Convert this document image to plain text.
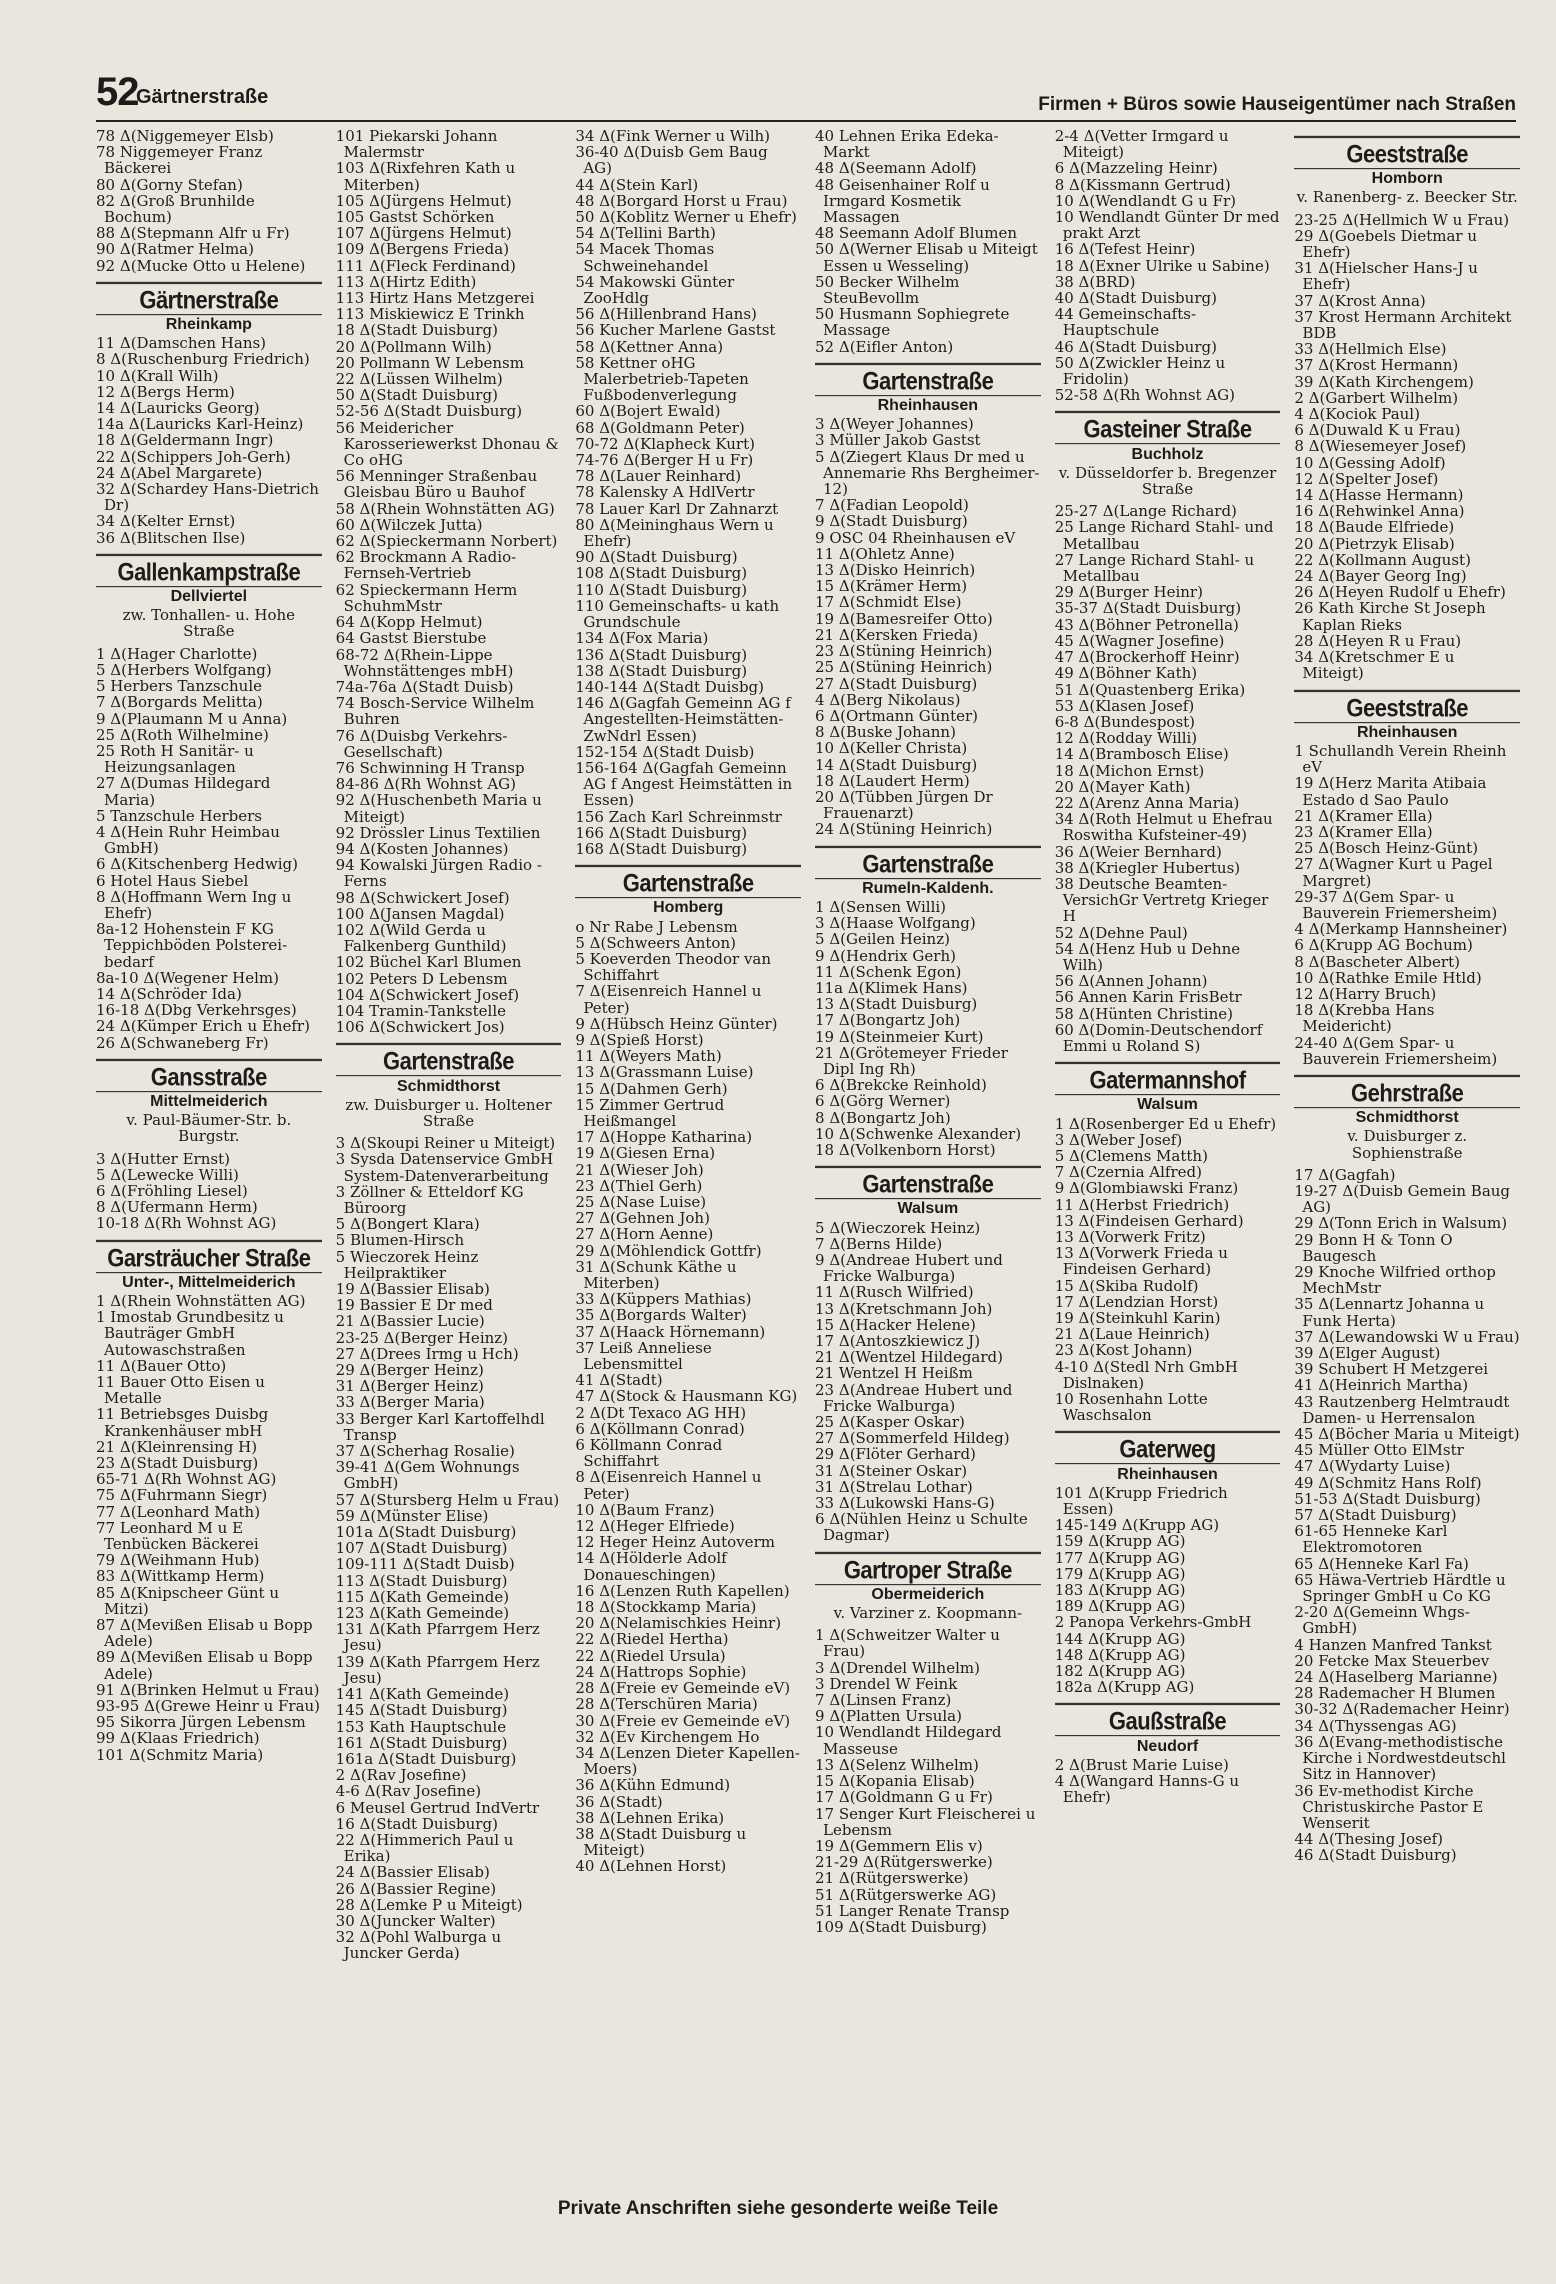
52
Gärtnerstraße	Firmen + Büros sowie Hauseigentümer nach Straßen
78 Δ(Niggemeyer Elsb)
78 Niggemeyer Franz Bäckerei
80 Δ(Gorny Stefan)
82 Δ(Groß Brunhilde Bochum)
88 Δ(Stepmann Alfr u Fr)
90 Δ(Ratmer Helma)
92 Δ(Mucke Otto u Helene)
Gärtnerstraße
Rheinkamp
11 Δ(Damschen Hans)
8 Δ(Ruschenburg Friedrich)
10 Δ(Krall Wilh)
12 Δ(Bergs Herm)
14 Δ(Lauricks Georg)
14a Δ(Lauricks Karl-Heinz)
18 Δ(Geldermann Ingr)
22 Δ(Schippers Joh-Gerh)
24 Δ(Abel Margarete)
32 Δ(Schardey Hans-Dietrich Dr)
34 Δ(Kelter Ernst)
36 Δ(Blitschen Ilse)
Gallenkampstraße
Dellviertel
zw. Tonhallen- u. Hohe Straße
1 Δ(Hager Charlotte)
5 Δ(Herbers Wolfgang)
5 Herbers Tanzschule
7 Δ(Borgards Melitta)
9 Δ(Plaumann M u Anna)
25 Δ(Roth Wilhelmine)
25 Roth H Sanitär- u Heizungsanlagen
27 Δ(Dumas Hildegard Maria)
5 Tanzschule Herbers
4 Δ(Hein Ruhr Heimbau GmbH)
6 Δ(Kitschenberg Hedwig)
6 Hotel Haus Siebel
8 Δ(Hoffmann Wern Ing u Ehefr)
8a-12 Hohenstein F KG Teppichböden Polsterei-bedarf
8a-10 Δ(Wegener Helm)
14 Δ(Schröder Ida)
16-18 Δ(Dbg Verkehrsges)
24 Δ(Kümper Erich u Ehefr)
26 Δ(Schwaneberg Fr)
Gansstraße
Mittelmeiderich
v. Paul-Bäumer-Str. b. Burgstr.
3 Δ(Hutter Ernst)
5 Δ(Lewecke Willi)
6 Δ(Fröhling Liesel)
8 Δ(Ufermann Herm)
10-18 Δ(Rh Wohnst AG)
Garsträucher Straße
Unter-, Mittelmeiderich
1 Δ(Rhein Wohnstätten AG)
1 Imostab Grundbesitz u Bauträger GmbH Autowaschstraßen
11 Δ(Bauer Otto)
11 Bauer Otto Eisen u Metalle
11 Betriebsges Duisbg Krankenhäuser mbH
21 Δ(Kleinrensing H)
23 Δ(Stadt Duisburg)
65-71 Δ(Rh Wohnst AG)
75 Δ(Fuhrmann Siegr)
77 Δ(Leonhard Math)
77 Leonhard M u E Tenbücken Bäckerei
79 Δ(Weihmann Hub)
83 Δ(Wittkamp Herm)
85 Δ(Knipscheer Günt u Mitzi)
87 Δ(Mevißen Elisab u Bopp Adele)
89 Δ(Mevißen Elisab u Bopp Adele)
91 Δ(Brinken Helmut u Frau)
93-95 Δ(Grewe Heinr u Frau)
95 Sikorra Jürgen Lebensm
99 Δ(Klaas Friedrich)
101 Δ(Schmitz Maria)
101 Piekarski Johann Malermstr
103 Δ(Rixfehren Kath u Miterben)
105 Δ(Jürgens Helmut)
105 Gastst Schörken
107 Δ(Jürgens Helmut)
109 Δ(Bergens Frieda)
111 Δ(Fleck Ferdinand)
113 Δ(Hirtz Edith)
113 Hirtz Hans Metzgerei
113 Miskiewicz E Trinkh
18 Δ(Stadt Duisburg)
20 Δ(Pollmann Wilh)
20 Pollmann W Lebensm
22 Δ(Lüssen Wilhelm)
50 Δ(Stadt Duisburg)
52-56 Δ(Stadt Duisburg)
56 Meidericher Karosseriewerkst Dhonau & Co oHG
56 Menninger Straßenbau Gleisbau Büro u Bauhof
58 Δ(Rhein Wohnstätten AG)
60 Δ(Wilczek Jutta)
62 Δ(Spieckermann Norbert)
62 Brockmann A Radio-Fernseh-Vertrieb
62 Spieckermann Herm SchuhmMstr
64 Δ(Kopp Helmut)
64 Gastst Bierstube
68-72 Δ(Rhein-Lippe Wohnstättenges mbH)
74a-76a Δ(Stadt Duisb)
74 Bosch-Service Wilhelm Buhren
76 Δ(Duisbg Verkehrs-Gesellschaft)
76 Schwinning H Transp
84-86 Δ(Rh Wohnst AG)
92 Δ(Huschenbeth Maria u Miteigt)
92 Drössler Linus Textilien
94 Δ(Kosten Johannes)
94 Kowalski Jürgen Radio - Ferns
98 Δ(Schwickert Josef)
100 Δ(Jansen Magdal)
102 Δ(Wild Gerda u Falkenberg Gunthild)
102 Büchel Karl Blumen
102 Peters D Lebensm
104 Δ(Schwickert Josef)
104 Tramin-Tankstelle
106 Δ(Schwickert Jos)
Gartenstraße
Schmidthorst
zw. Duisburger u. Holtener Straße
3 Δ(Skoupi Reiner u Miteigt)
3 Sysda Datenservice GmbH System-Datenverarbeitung
3 Zöllner & Etteldorf KG Büroorg
5 Δ(Bongert Klara)
5 Blumen-Hirsch
5 Wieczorek Heinz Heilpraktiker
19 Δ(Bassier Elisab)
19 Bassier E Dr med
21 Δ(Bassier Lucie)
23-25 Δ(Berger Heinz)
27 Δ(Drees Irmg u Hch)
29 Δ(Berger Heinz)
31 Δ(Berger Heinz)
33 Δ(Berger Maria)
33 Berger Karl Kartoffelhdl Transp
37 Δ(Scherhag Rosalie)
39-41 Δ(Gem Wohnungs GmbH)
57 Δ(Stursberg Helm u Frau)
59 Δ(Münster Elise)
101a Δ(Stadt Duisburg)
107 Δ(Stadt Duisburg)
109-111 Δ(Stadt Duisb)
113 Δ(Stadt Duisburg)
115 Δ(Kath Gemeinde)
123 Δ(Kath Gemeinde)
131 Δ(Kath Pfarrgem Herz Jesu)
139 Δ(Kath Pfarrgem Herz Jesu)
141 Δ(Kath Gemeinde)
145 Δ(Stadt Duisburg)
153 Kath Hauptschule
161 Δ(Stadt Duisburg)
161a Δ(Stadt Duisburg)
2 Δ(Rav Josefine)
4-6 Δ(Rav Josefine)
6 Meusel Gertrud IndVertr
16 Δ(Stadt Duisburg)
22 Δ(Himmerich Paul u Erika)
24 Δ(Bassier Elisab)
26 Δ(Bassier Regine)
28 Δ(Lemke P u Miteigt)
30 Δ(Juncker Walter)
32 Δ(Pohl Walburga u Juncker Gerda)
34 Δ(Fink Werner u Wilh)
36-40 Δ(Duisb Gem Baug AG)
44 Δ(Stein Karl)
48 Δ(Borgard Horst u Frau)
50 Δ(Koblitz Werner u Ehefr)
54 Δ(Tellini Barth)
54 Macek Thomas Schweinehandel
54 Makowski Günter ZooHdlg
56 Δ(Hillenbrand Hans)
56 Kucher Marlene Gastst
58 Δ(Kettner Anna)
58 Kettner oHG Malerbetrieb-Tapeten Fußbodenverlegung
60 Δ(Bojert Ewald)
68 Δ(Goldmann Peter)
70-72 Δ(Klapheck Kurt)
74-76 Δ(Berger H u Fr)
78 Δ(Lauer Reinhard)
78 Kalensky A HdlVertr
78 Lauer Karl Dr Zahnarzt
80 Δ(Meininghaus Wern u Ehefr)
90 Δ(Stadt Duisburg)
108 Δ(Stadt Duisburg)
110 Δ(Stadt Duisburg)
110 Gemeinschafts- u kath Grundschule
134 Δ(Fox Maria)
136 Δ(Stadt Duisburg)
138 Δ(Stadt Duisburg)
140-144 Δ(Stadt Duisbg)
146 Δ(Gagfah Gemeinn AG f Angestellten-Heimstätten-ZwNdrl Essen)
152-154 Δ(Stadt Duisb)
156-164 Δ(Gagfah Gemeinn AG f Angest Heimstätten in Essen)
156 Zach Karl Schreinmstr
166 Δ(Stadt Duisburg)
168 Δ(Stadt Duisburg)
Gartenstraße
Homberg
o Nr Rabe J Lebensm
5 Δ(Schweers Anton)
5 Koeverden Theodor van Schiffahrt
7 Δ(Eisenreich Hannel u Peter)
9 Δ(Hübsch Heinz Günter)
9 Δ(Spieß Horst)
11 Δ(Weyers Math)
13 Δ(Grassmann Luise)
15 Δ(Dahmen Gerh)
15 Zimmer Gertrud Heißmangel
17 Δ(Hoppe Katharina)
19 Δ(Giesen Erna)
21 Δ(Wieser Joh)
23 Δ(Thiel Gerh)
25 Δ(Nase Luise)
27 Δ(Gehnen Joh)
27 Δ(Horn Aenne)
29 Δ(Möhlendick Gottfr)
31 Δ(Schunk Käthe u Miterben)
33 Δ(Küppers Mathias)
35 Δ(Borgards Walter)
37 Δ(Haack Hörnemann)
37 Leiß Anneliese Lebensmittel
41 Δ(Stadt)
47 Δ(Stock & Hausmann KG)
2 Δ(Dt Texaco AG HH)
6 Δ(Köllmann Conrad)
6 Köllmann Conrad Schiffahrt
8 Δ(Eisenreich Hannel u Peter)
10 Δ(Baum Franz)
12 Δ(Heger Elfriede)
12 Heger Heinz Autoverm
14 Δ(Hölderle Adolf Donaueschingen)
16 Δ(Lenzen Ruth Kapellen)
18 Δ(Stockkamp Maria)
20 Δ(Nelamischkies Heinr)
22 Δ(Riedel Hertha)
22 Δ(Riedel Ursula)
24 Δ(Hattrops Sophie)
28 Δ(Freie ev Gemeinde eV)
28 Δ(Terschüren Maria)
30 Δ(Freie ev Gemeinde eV)
32 Δ(Ev Kirchengem Ho
34 Δ(Lenzen Dieter Kapellen-Moers)
36 Δ(Kühn Edmund)
36 Δ(Stadt)
38 Δ(Lehnen Erika)
38 Δ(Stadt Duisburg u Miteigt)
40 Δ(Lehnen Horst)
40 Lehnen Erika Edeka-Markt
48 Δ(Seemann Adolf)
48 Geisenhainer Rolf u Irmgard Kosmetik Massagen
48 Seemann Adolf Blumen
50 Δ(Werner Elisab u Miteigt Essen u Wesseling)
50 Becker Wilhelm SteuBevollm
50 Husmann Sophiegrete Massage
52 Δ(Eifler Anton)
Gartenstraße
Rheinhausen
3 Δ(Weyer Johannes)
3 Müller Jakob Gastst
5 Δ(Ziegert Klaus Dr med u Annemarie Rhs Bergheimer-12)
7 Δ(Fadian Leopold)
9 Δ(Stadt Duisburg)
9 OSC 04 Rheinhausen eV
11 Δ(Ohletz Anne)
13 Δ(Disko Heinrich)
15 Δ(Krämer Herm)
17 Δ(Schmidt Else)
19 Δ(Bamesreifer Otto)
21 Δ(Kersken Frieda)
23 Δ(Stüning Heinrich)
25 Δ(Stüning Heinrich)
27 Δ(Stadt Duisburg)
4 Δ(Berg Nikolaus)
6 Δ(Ortmann Günter)
8 Δ(Buske Johann)
10 Δ(Keller Christa)
14 Δ(Stadt Duisburg)
18 Δ(Laudert Herm)
20 Δ(Tübben Jürgen Dr Frauenarzt)
24 Δ(Stüning Heinrich)
Gartenstraße
Rumeln-Kaldenh.
1 Δ(Sensen Willi)
3 Δ(Haase Wolfgang)
5 Δ(Geilen Heinz)
9 Δ(Hendrix Gerh)
11 Δ(Schenk Egon)
11a Δ(Klimek Hans)
13 Δ(Stadt Duisburg)
17 Δ(Bongartz Joh)
19 Δ(Steinmeier Kurt)
21 Δ(Grötemeyer Frieder Dipl Ing Rh)
6 Δ(Brekcke Reinhold)
6 Δ(Görg Werner)
8 Δ(Bongartz Joh)
10 Δ(Schwenke Alexander)
18 Δ(Volkenborn Horst)
Gartenstraße
Walsum
5 Δ(Wieczorek Heinz)
7 Δ(Berns Hilde)
9 Δ(Andreae Hubert und Fricke Walburga)
11 Δ(Rusch Wilfried)
13 Δ(Kretschmann Joh)
15 Δ(Hacker Helene)
17 Δ(Antoszkiewicz J)
21 Δ(Wentzel Hildegard)
21 Wentzel H Heißm
23 Δ(Andreae Hubert und Fricke Walburga)
25 Δ(Kasper Oskar)
27 Δ(Sommerfeld Hildeg)
29 Δ(Flöter Gerhard)
31 Δ(Steiner Oskar)
31 Δ(Strelau Lothar)
33 Δ(Lukowski Hans-G)
6 Δ(Nühlen Heinz u Schulte Dagmar)
Gartroper Straße
Obermeiderich
v. Varziner z. Koopmann-
1 Δ(Schweitzer Walter u Frau)
3 Δ(Drendel Wilhelm)
3 Drendel W Feink
7 Δ(Linsen Franz)
9 Δ(Platten Ursula)
10 Wendlandt Hildegard Masseuse
13 Δ(Selenz Wilhelm)
15 Δ(Kopania Elisab)
17 Δ(Goldmann G u Fr)
17 Senger Kurt Fleischerei u Lebensm
19 Δ(Gemmern Elis v)
21-29 Δ(Rütgerswerke)
21 Δ(Rütgerswerke)
51 Δ(Rütgerswerke AG)
51 Langer Renate Transp
109 Δ(Stadt Duisburg)
2-4 Δ(Vetter Irmgard u Miteigt)
6 Δ(Mazzeling Heinr)
8 Δ(Kissmann Gertrud)
10 Δ(Wendlandt G u Fr)
10 Wendlandt Günter Dr med prakt Arzt
16 Δ(Tefest Heinr)
18 Δ(Exner Ulrike u Sabine)
38 Δ(BRD)
40 Δ(Stadt Duisburg)
44 Gemeinschafts-Hauptschule
46 Δ(Stadt Duisburg)
50 Δ(Zwickler Heinz u Fridolin)
52-58 Δ(Rh Wohnst AG)
Gasteiner Straße
Buchholz
v. Düsseldorfer b. Bregenzer Straße
25-27 Δ(Lange Richard)
25 Lange Richard Stahl- und Metallbau
27 Lange Richard Stahl- u Metallbau
29 Δ(Burger Heinr)
35-37 Δ(Stadt Duisburg)
43 Δ(Böhner Petronella)
45 Δ(Wagner Josefine)
47 Δ(Brockerhoff Heinr)
49 Δ(Böhner Kath)
51 Δ(Quastenberg Erika)
53 Δ(Klasen Josef)
6-8 Δ(Bundespost)
12 Δ(Rodday Willi)
14 Δ(Brambosch Elise)
18 Δ(Michon Ernst)
20 Δ(Mayer Kath)
22 Δ(Arenz Anna Maria)
34 Δ(Roth Helmut u Ehefrau Roswitha Kufsteiner-49)
36 Δ(Weier Bernhard)
38 Δ(Kriegler Hubertus)
38 Deutsche Beamten-VersichGr Vertretg Krieger H
52 Δ(Dehne Paul)
54 Δ(Henz Hub u Dehne Wilh)
56 Δ(Annen Johann)
56 Annen Karin FrisBetr
58 Δ(Hünten Christine)
60 Δ(Domin-Deutschendorf Emmi u Roland S)
Gatermannshof
Walsum
1 Δ(Rosenberger Ed u Ehefr)
3 Δ(Weber Josef)
5 Δ(Clemens Matth)
7 Δ(Czernia Alfred)
9 Δ(Glombiawski Franz)
11 Δ(Herbst Friedrich)
13 Δ(Findeisen Gerhard)
13 Δ(Vorwerk Fritz)
13 Δ(Vorwerk Frieda u Findeisen Gerhard)
15 Δ(Skiba Rudolf)
17 Δ(Lendzian Horst)
19 Δ(Steinkuhl Karin)
21 Δ(Laue Heinrich)
23 Δ(Kost Johann)
4-10 Δ(Stedl Nrh GmbH Dislnaken)
10 Rosenhahn Lotte Waschsalon
Gaterweg
Rheinhausen
101 Δ(Krupp Friedrich Essen)
145-149 Δ(Krupp AG)
159 Δ(Krupp AG)
177 Δ(Krupp AG)
179 Δ(Krupp AG)
183 Δ(Krupp AG)
189 Δ(Krupp AG)
2 Panopa Verkehrs-GmbH
144 Δ(Krupp AG)
148 Δ(Krupp AG)
182 Δ(Krupp AG)
182a Δ(Krupp AG)
Gaußstraße
Neudorf
2 Δ(Brust Marie Luise)
4 Δ(Wangard Hanns-G u Ehefr)
Geeststraße
Homborn
v. Ranenberg- z. Beecker Str.
23-25 Δ(Hellmich W u Frau)
29 Δ(Goebels Dietmar u Ehefr)
31 Δ(Hielscher Hans-J u Ehefr)
37 Δ(Krost Anna)
37 Krost Hermann Architekt BDB
33 Δ(Hellmich Else)
37 Δ(Krost Hermann)
39 Δ(Kath Kirchengem)
2 Δ(Garbert Wilhelm)
4 Δ(Kociok Paul)
6 Δ(Duwald K u Frau)
8 Δ(Wiesemeyer Josef)
10 Δ(Gessing Adolf)
12 Δ(Spelter Josef)
14 Δ(Hasse Hermann)
16 Δ(Rehwinkel Anna)
18 Δ(Baude Elfriede)
20 Δ(Pietrzyk Elisab)
22 Δ(Kollmann August)
24 Δ(Bayer Georg Ing)
26 Δ(Heyen Rudolf u Ehefr)
26 Kath Kirche St Joseph Kaplan Rieks
28 Δ(Heyen R u Frau)
34 Δ(Kretschmer E u Miteigt)
Geeststraße
Rheinhausen
1 Schullandh Verein Rheinh eV
19 Δ(Herz Marita Atibaia Estado d Sao Paulo
21 Δ(Kramer Ella)
23 Δ(Kramer Ella)
25 Δ(Bosch Heinz-Günt)
27 Δ(Wagner Kurt u Pagel Margret)
29-37 Δ(Gem Spar- u Bauverein Friemersheim)
4 Δ(Merkamp Hannsheiner)
6 Δ(Krupp AG Bochum)
8 Δ(Bascheter Albert)
10 Δ(Rathke Emile Htld)
12 Δ(Harry Bruch)
18 Δ(Krebba Hans Meidericht)
24-40 Δ(Gem Spar- u Bauverein Friemersheim)
Gehrstraße
Schmidthorst
v. Duisburger z. Sophienstraße
17 Δ(Gagfah)
19-27 Δ(Duisb Gemein Baug AG)
29 Δ(Tonn Erich in Walsum)
29 Bonn H & Tonn O Baugesch
29 Knoche Wilfried orthop MechMstr
35 Δ(Lennartz Johanna u Funk Herta)
37 Δ(Lewandowski W u Frau)
39 Δ(Elger August)
39 Schubert H Metzgerei
41 Δ(Heinrich Martha)
43 Rautzenberg Helmtraudt Damen- u Herrensalon
45 Δ(Böcher Maria u Miteigt)
45 Müller Otto ElMstr
47 Δ(Wydarty Luise)
49 Δ(Schmitz Hans Rolf)
51-53 Δ(Stadt Duisburg)
57 Δ(Stadt Duisburg)
61-65 Henneke Karl Elektromotoren
65 Δ(Henneke Karl Fa)
65 Häwa-Vertrieb Härdtle u Springer GmbH u Co KG
2-20 Δ(Gemeinn Whgs-GmbH)
4 Hanzen Manfred Tankst
20 Fetcke Max Steuerbev
24 Δ(Haselberg Marianne)
28 Rademacher H Blumen
30-32 Δ(Rademacher Heinr)
34 Δ(Thyssengas AG)
36 Δ(Evang-methodistische Kirche i Nordwestdeutschl Sitz in Hannover)
36 Ev-methodist Kirche Christuskirche Pastor E Wenserit
44 Δ(Thesing Josef)
46 Δ(Stadt Duisburg)
Private Anschriften siehe gesonderte weiße Teile
